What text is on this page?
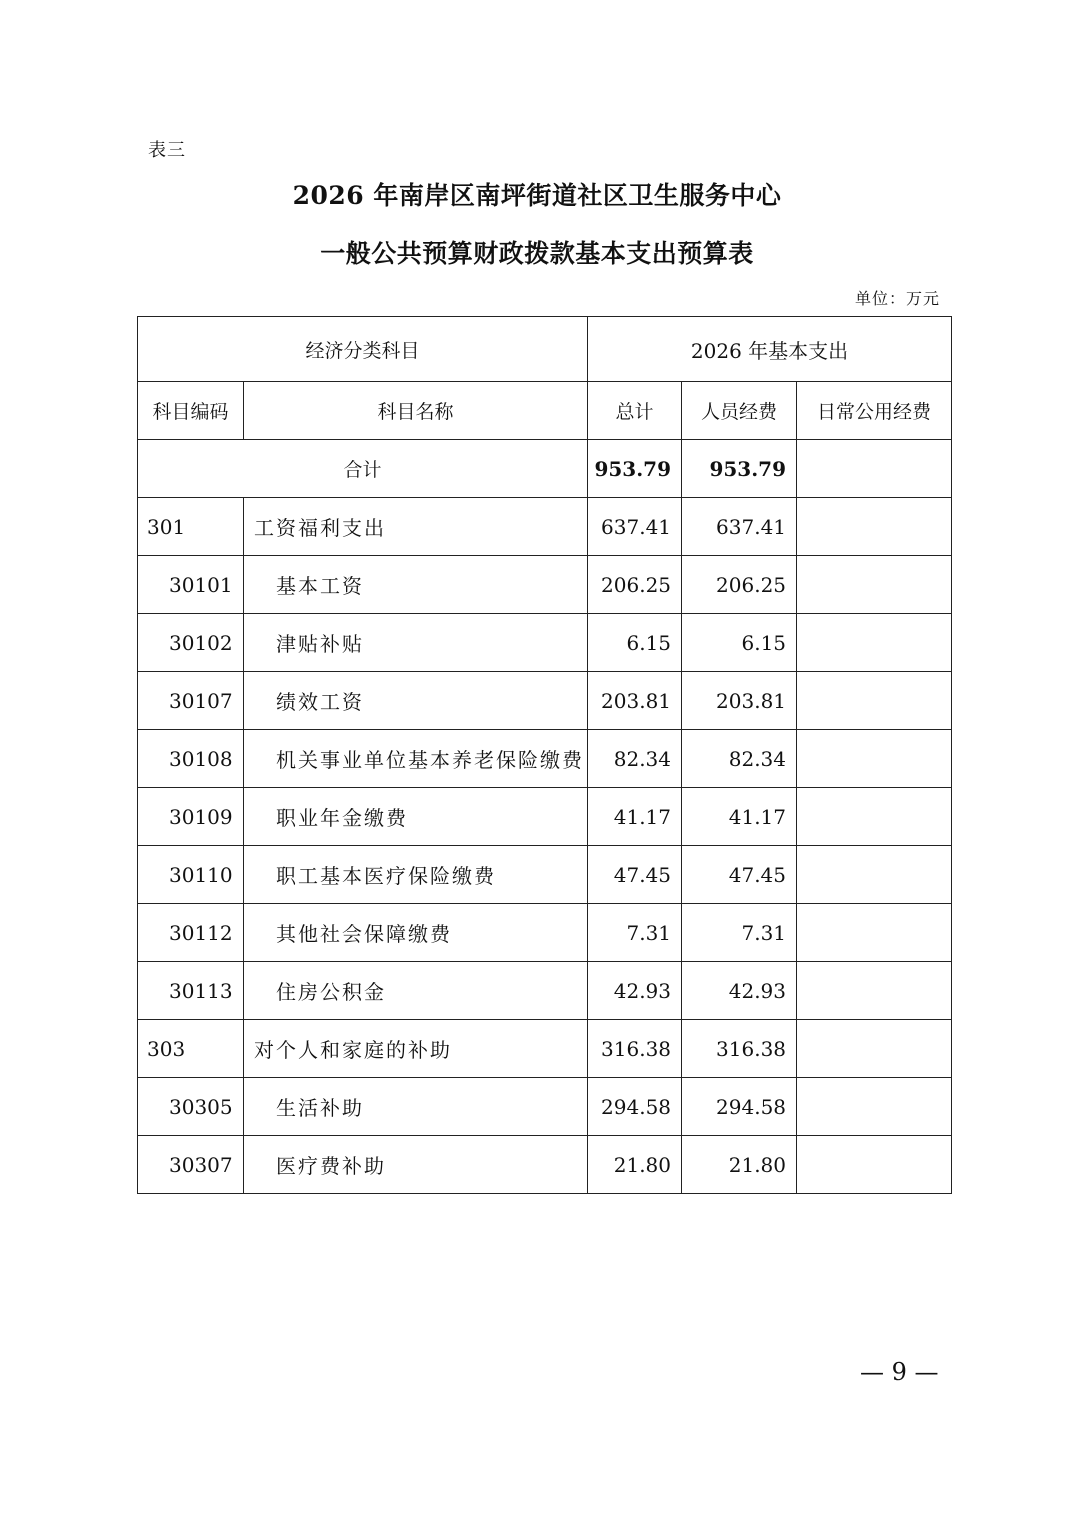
表三
2026 年南岸区南坪街道社区卫生服务中心
一般公共预算财政拨款基本支出预算表
单位：万元
经济分类科目		2026 年基本支出		
科目编码	科目名称	总计	人员经费	日常公用经费
合计		953.79	953.79	
301	工资福利支出	637.41	637.41	
30101	基本工资	206.25	206.25	
30102	津贴补贴	6.15	6.15	
30107	绩效工资	203.81	203.81	
30108	机关事业单位基本养老保险缴费	82.34	82.34	
30109	职业年金缴费	41.17	41.17	
30110	职工基本医疗保险缴费	47.45	47.45	
30112	其他社会保障缴费	7.31	7.31	
30113	住房公积金	42.93	42.93	
303	对个人和家庭的补助	316.38	316.38	
30305	生活补助	294.58	294.58	
30307	医疗费补助	21.80	21.80	
— 9 —
